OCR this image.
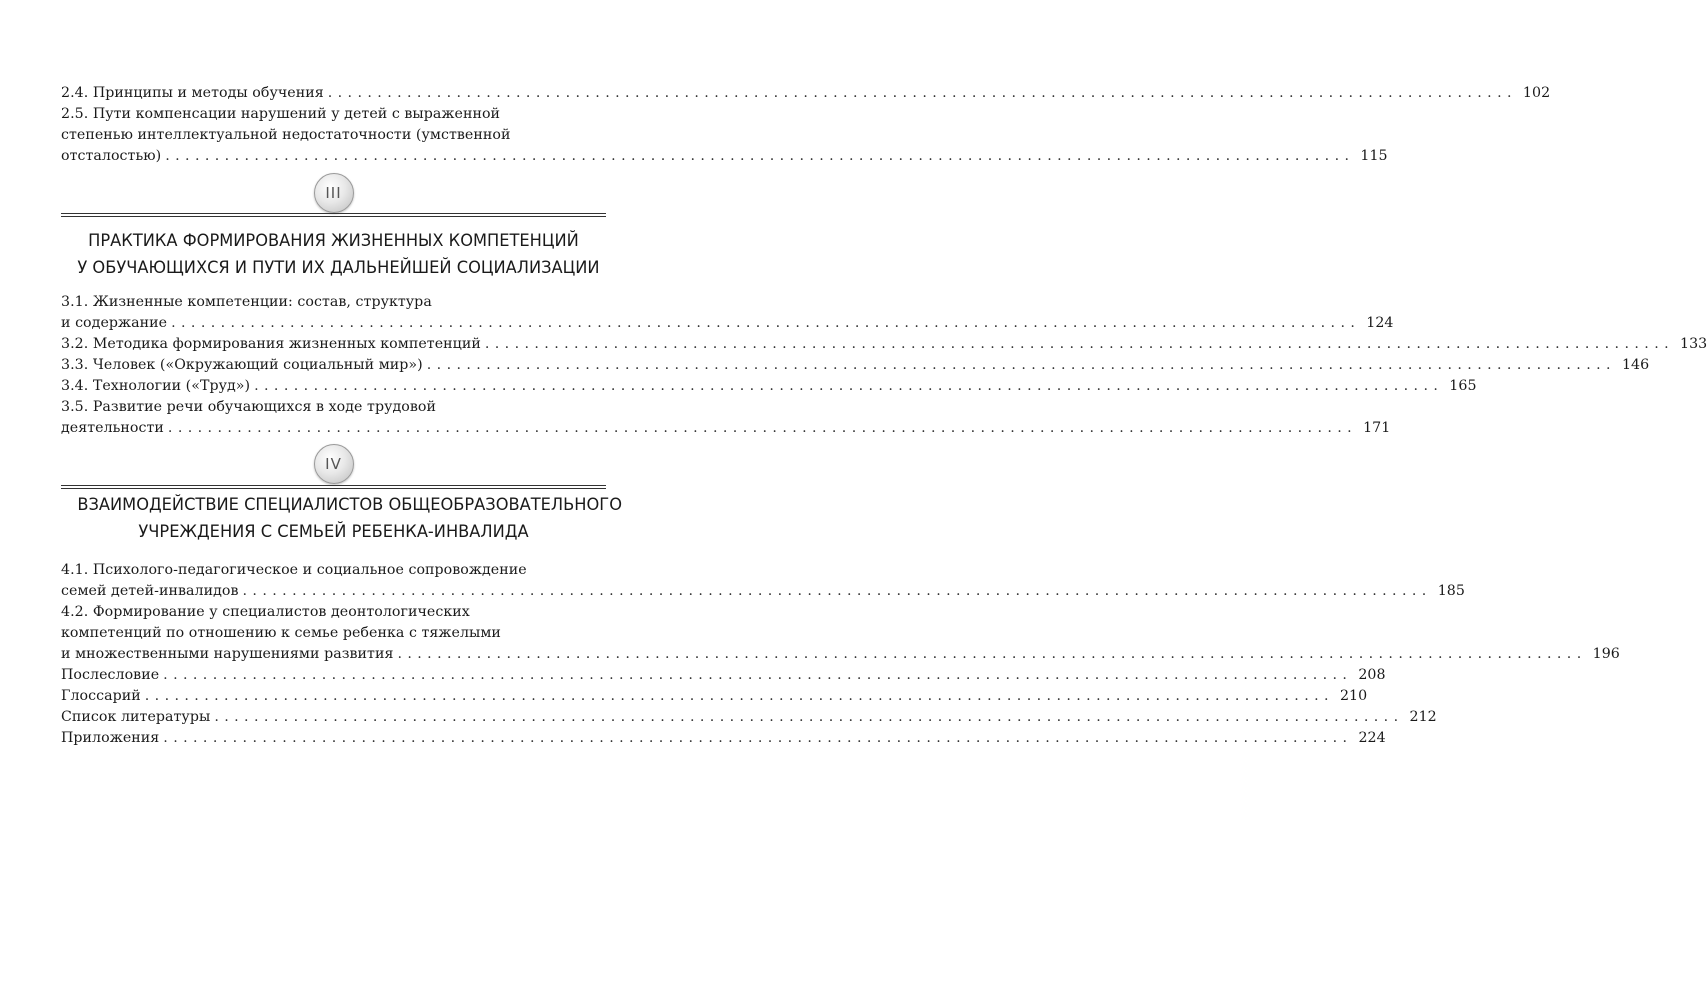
2.4. Принципы и методы обучения ........................................................................................................................ 102
2.5. Пути компенсации нарушений у детей с выраженной
степенью интеллектуальной недостаточности (умственной
отсталостью) ........................................................................................................................ 115
III
ПРАКТИКА ФОРМИРОВАНИЯ ЖИЗНЕННЫХ КОМПЕТЕНЦИЙ
У ОБУЧАЮЩИХСЯ И ПУТИ ИХ ДАЛЬНЕЙШЕЙ СОЦИАЛИЗАЦИИ
3.1. Жизненные компетенции: состав, структура
и содержание ........................................................................................................................ 124
3.2. Методика формирования жизненных компетенций ........................................................................................................................ 133
3.3. Человек («Окружающий социальный мир») ........................................................................................................................ 146
3.4. Технологии («Труд») ........................................................................................................................ 165
3.5. Развитие речи обучающихся в ходе трудовой
деятельности ........................................................................................................................ 171
IV
ВЗАИМОДЕЙСТВИЕ СПЕЦИАЛИСТОВ ОБЩЕОБРАЗОВАТЕЛЬНОГО
УЧРЕЖДЕНИЯ С СЕМЬЕЙ РЕБЕНКА-ИНВАЛИДА
4.1. Психолого-педагогическое и социальное сопровождение
семей детей-инвалидов ........................................................................................................................ 185
4.2. Формирование у специалистов деонтологических
компетенций по отношению к семье ребенка с тяжелыми
и множественными нарушениями развития ........................................................................................................................ 196
Послесловие ........................................................................................................................ 208
Глоссарий ........................................................................................................................ 210
Список литературы ........................................................................................................................ 212
Приложения ........................................................................................................................ 224
